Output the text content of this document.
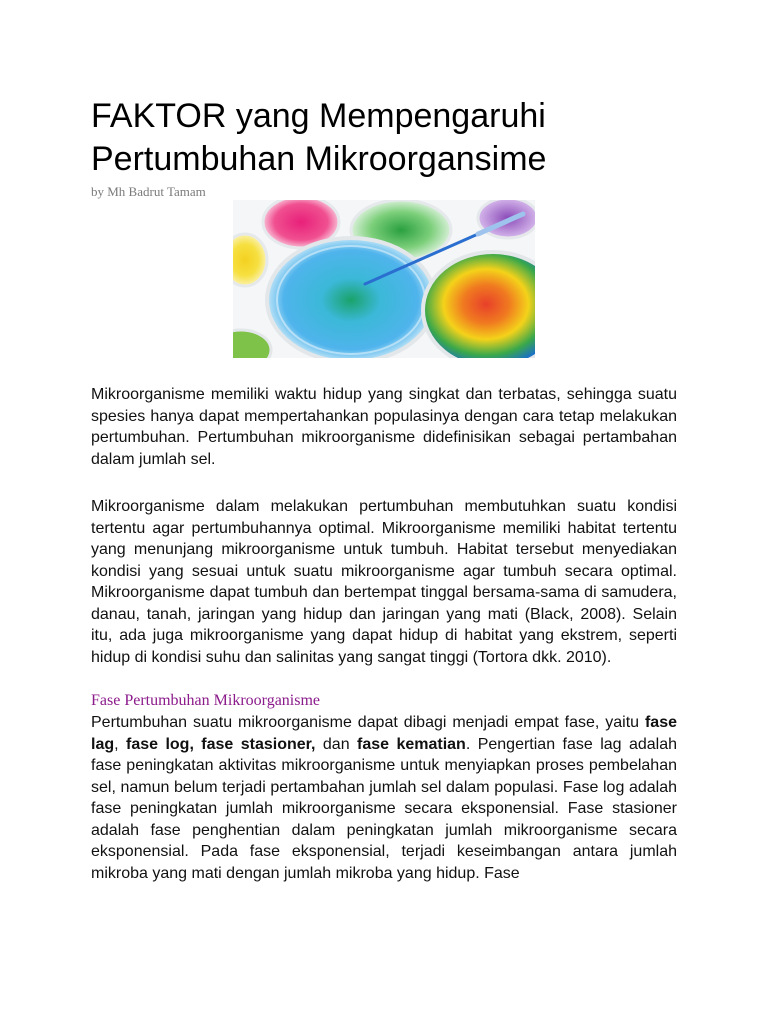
FAKTOR yang Mempengaruhi Pertumbuhan Mikroorgansime
by Mh Badrut Tamam

Mikroorganisme memiliki waktu hidup yang singkat dan terbatas, sehingga suatu spesies hanya dapat mempertahankan populasinya dengan cara tetap melakukan pertumbuhan. Pertumbuhan mikroorganisme didefinisikan sebagai pertambahan dalam jumlah sel.

Mikroorganisme dalam melakukan pertumbuhan membutuhkan suatu kondisi tertentu agar pertumbuhannya optimal. Mikroorganisme memiliki habitat tertentu yang menunjang mikroorganisme untuk tumbuh. Habitat tersebut menyediakan kondisi yang sesuai untuk suatu mikroorganisme agar tumbuh secara optimal. Mikroorganisme dapat tumbuh dan bertempat tinggal bersama-sama di samudera, danau, tanah, jaringan yang hidup dan jaringan yang mati (Black, 2008). Selain itu, ada juga mikroorganisme yang dapat hidup di habitat yang ekstrem, seperti hidup di kondisi suhu dan salinitas yang sangat tinggi (Tortora dkk. 2010).

Fase Pertumbuhan Mikroorganisme

Pertumbuhan suatu mikroorganisme dapat dibagi menjadi empat fase, yaitu fase lag, fase log, fase stasioner, dan fase kematian. Pengertian fase lag adalah fase peningkatan aktivitas mikroorganisme untuk menyiapkan proses pembelahan sel, namun belum terjadi pertambahan jumlah sel dalam populasi. Fase log adalah fase peningkatan jumlah mikroorganisme secara eksponensial. Fase stasioner adalah fase penghentian dalam peningkatan jumlah mikroorganisme secara eksponensial. Pada fase eksponensial, terjadi keseimbangan antara jumlah mikroba yang mati dengan jumlah mikroba yang hidup. Fase
